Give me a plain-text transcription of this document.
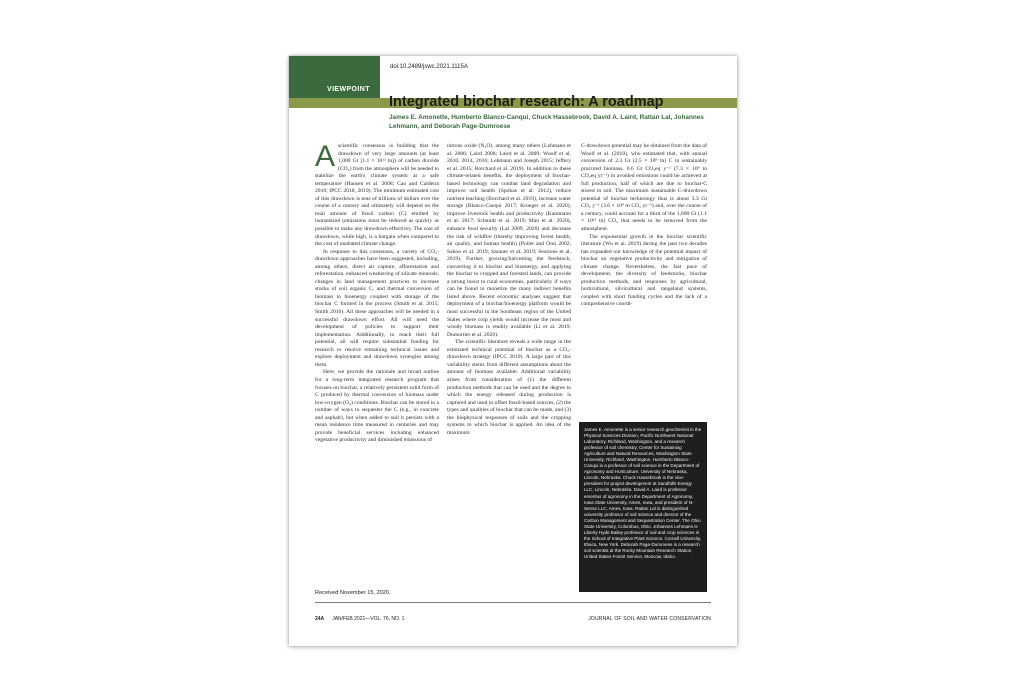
VIEWPOINT
doi:10.2489/jswc.2021.1115A
Integrated biochar research: A roadmap
James E. Amonette, Humberto Blanco-Canqui, Chuck Hassebrook, David A. Laird, Rattan Lal, Johannes Lehmann, and Deborah Page-Dumroese
A scientific consensus is building that the drawdown of very large amounts (at least 1,000 Gt [1.1 × 10¹² tn]) of carbon dioxide (CO₂) from the atmosphere will be needed to stabilize the earth's climate system at a safe temperature (Hansen et al. 2008; Cao and Caldeira 2010; IPCC 2018, 2019). The minimum estimated cost of this drawdown is tens of trillions of dollars over the course of a century and ultimately will depend on the total amount of fossil carbon (C) emitted by humankind (emissions must be reduced as quickly as possible to make any drawdown effective). The cost of drawdown, while high, is a bargain when compared to the cost of unabated climate change.

In response to this consensus, a variety of CO₂-drawdown approaches have been suggested, including, among others, direct air capture, afforestation and reforestation, enhanced weathering of silicate minerals, changes in land management practices to increase stocks of soil organic C, and thermal conversion of biomass to bioenergy coupled with storage of the biochar C formed in the process (Smith et al. 2015; Smith 2016). All these approaches will be needed in a successful drawdown effort. All will need the development of policies to support their implementation. Additionally, to reach their full potential, all will require substantial funding for research to resolve remaining technical issues and explore deployment and drawdown synergies among them.

Here, we provide the rationale and broad outline for a long-term integrated research program that focuses on biochar, a relatively persistent solid form of C produced by thermal conversion of biomass under low-oxygen (O₂) conditions. Biochar can be stored in a number of ways to sequester the C (e.g., in concrete and asphalt), but when added to soil it persists with a mean residence time measured in centuries and may provide beneficial services including enhanced vegetative productivity and diminished emissions of

nitrous oxide (N₂O), among many others (Lehmann et al. 2006; Laird 2008; Laird et al. 2009; Woolf et al. 2010, 2014, 2016; Lehmann and Joseph 2015; Jeffery et al. 2015; Borchard et al. 2019). In addition to these climate-related benefits, the deployment of biochar-based technology can combat land degradation and improve soil health (Spokas et al. 2012), reduce nutrient leaching (Borchard et al. 2019), increase water storage (Blanco-Canqui 2017; Kroeger et al. 2020), improve livestock health and productivity (Kammann et al. 2017; Schmidt et al. 2019; Man et al. 2020), enhance food security (Lal 2009, 2020) and decrease the risk of wildfire (thereby improving forest health, air quality, and human health) (Pollet and Omi 2002; Sahoo et al. 2019; Sarauer et al. 2019; Sessions et al. 2019). Further, growing/harvesting the feedstock, converting it to biochar and bioenergy, and applying the biochar to cropped and forested lands, can provide a strong boost to rural economies, particularly if ways can be found to monetize the many indirect benefits listed above. Recent economic analyses suggest that deployment of a biochar/bioenergy platform would be most successful in the Southeast region of the United States where crop yields would increase the most and woody biomass is readily available (Li et al. 2019; Dumortier et al. 2020).

The scientific literature reveals a wide range in the estimated technical potential of biochar as a CO₂-drawdown strategy (IPCC 2019). A large part of this variability stems from different assumptions about the amount of biomass available. Additional variability arises from consideration of (1) the different production methods that can be used and the degree to which the energy released during production is captured and used to offset fossil-based sources, (2) the types and qualities of biochar that can be made, and (3) the biophysical responses of soils and the cropping systems to which biochar is applied. An idea of the maximum

C-drawdown potential may be obtained from the data of Woolf et al. (2010), who estimated that, with annual conversion of 2.3 Gt (2.5 × 10⁹ tn) C in sustainably procured biomass, 6.6 Gt CO₂eq y⁻¹ (7.3 × 10⁹ tn CO₂eq yr⁻¹) in avoided emissions could be achieved at full production, half of which are due to biochar-C stored in soil. The maximum sustainable C-drawdown potential of biochar technology thus is about 3.3 Gt CO₂ y⁻¹ (3.6 × 10⁹ tn CO₂ yr⁻¹) and, over the course of a century, could account for a third of the 1,000 Gt (1.1 × 10¹² tn) CO₂ that needs to be removed from the atmosphere.

The exponential growth in the biochar scientific literature (Wu et al. 2019) during the past two decades has expanded our knowledge of the potential impact of biochar on vegetative productivity and mitigation of climate change. Nevertheless, the fast pace of development, the diversity of feedstocks, biochar production methods, and responses by agricultural, horticultural, silvicultural and rangeland systems, coupled with short funding cycles and the lack of a comprehensive coordi-

James E. Amonette is a senior research geochemist in the Physical Sciences Division, Pacific Northwest National Laboratory, Richland, Washington, and a research professor of soil chemistry, Center for Sustaining Agriculture and Natural Resources, Washington State University, Richland, Washington. Humberto Blanco-Canqui is a professor of soil science in the Department of Agronomy and Horticulture, University of Nebraska, Lincoln, Nebraska. Chuck Hassebrook is the vice-president for project development at Sandhills Energy LLC, Lincoln, Nebraska. David A. Laird is professor emeritus of agronomy in the Department of Agronomy, Iowa State University, Ames, Iowa, and president of N-Sense LLC, Ames, Iowa. Rattan Lal is distinguished university professor of soil science and director of the Carbon Management and Sequestration Center, The Ohio State University, Columbus, Ohio. Johannes Lehmann is Liberty Hyde Bailey professor of soil and crop sciences in the School of Integrative Plant Science, Cornell University, Ithaca, New York. Deborah Page-Dumroese is a research soil scientist at the Rocky Mountain Research Station, United States Forest Service, Moscow, Idaho.
Received November 15, 2020.
24A JAN/FEB 2021—VOL. 76, NO. 1	JOURNAL OF SOIL AND WATER CONSERVATION
